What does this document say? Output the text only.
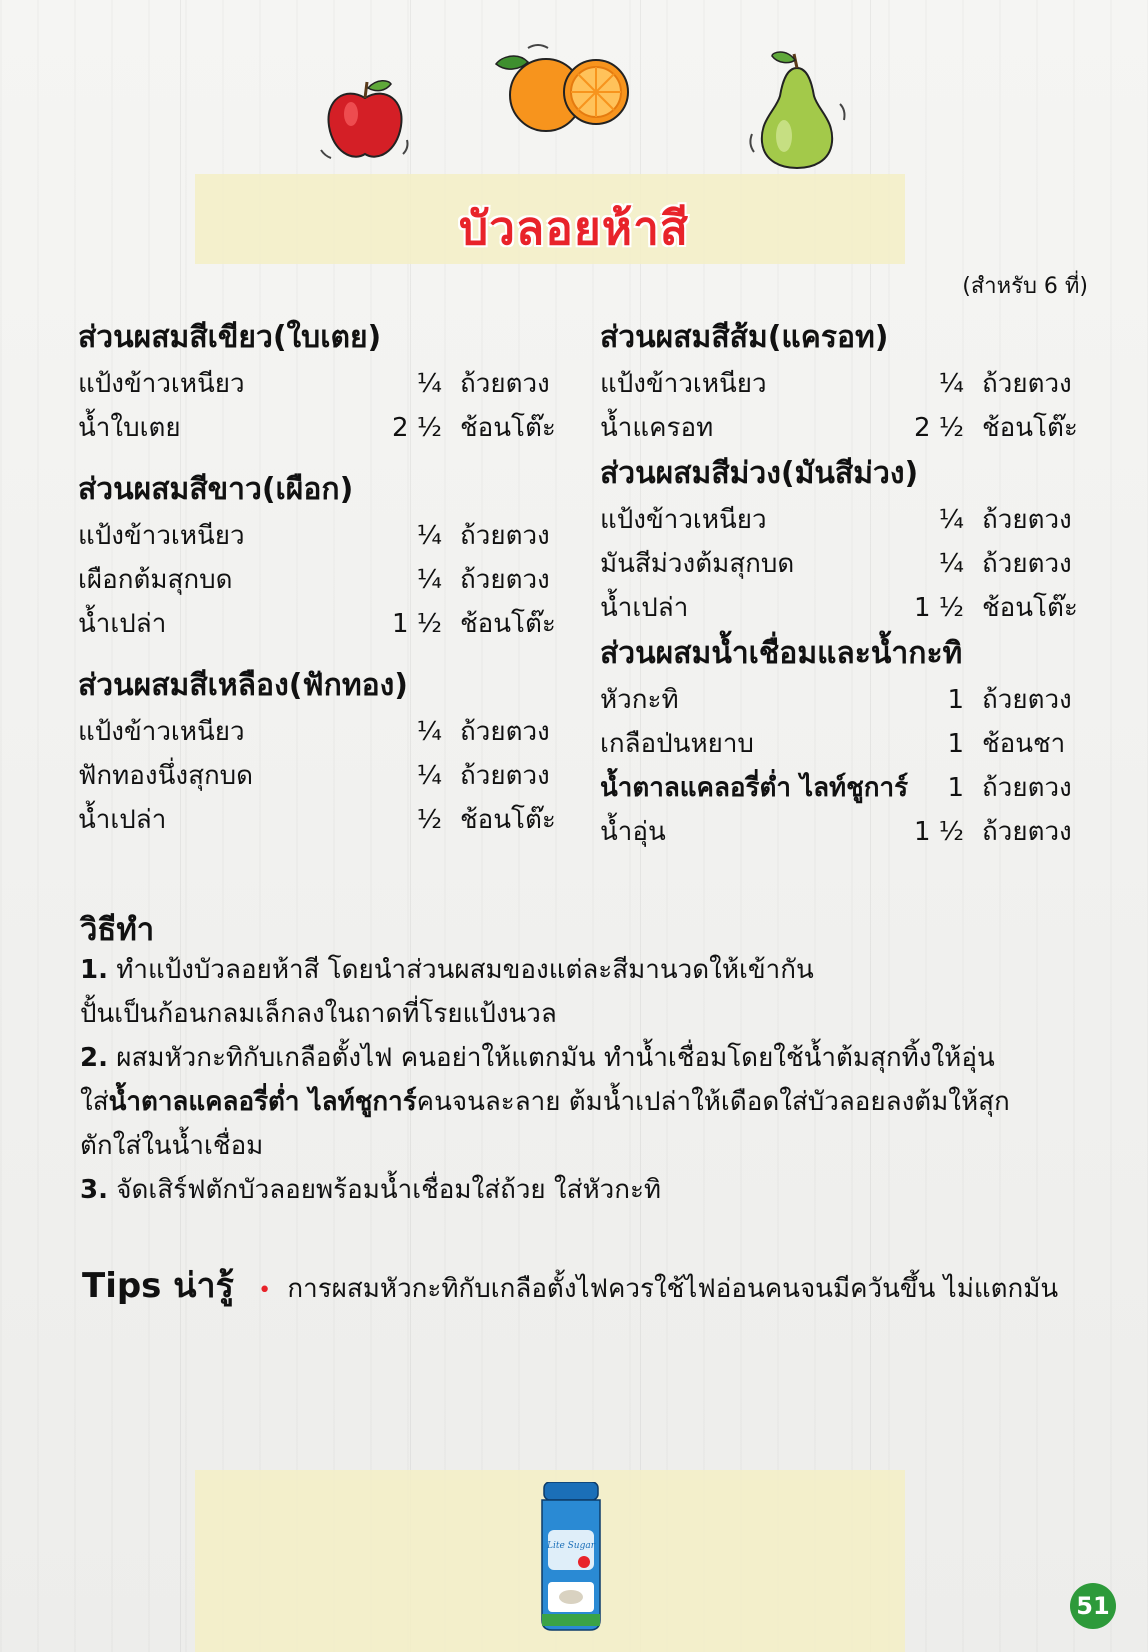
บัวลอยห้าสี
(สำหรับ 6 ที่)
ส่วนผสมสีเขียว(ใบเตย)
แป้งข้าวเหนียว	¼ ถ้วยตวง
น้ำใบเตย	2 ½ ช้อนโต๊ะ
ส่วนผสมสีขาว(เผือก)
แป้งข้าวเหนียว	¼ ถ้วยตวง
เผือกต้มสุกบด	¼ ถ้วยตวง
น้ำเปล่า	1 ½ ช้อนโต๊ะ
ส่วนผสมสีเหลือง(ฟักทอง)
แป้งข้าวเหนียว	¼ ถ้วยตวง
ฟักทองนึ่งสุกบด	¼ ถ้วยตวง
น้ำเปล่า	½ ช้อนโต๊ะ
ส่วนผสมสีส้ม(แครอท)
แป้งข้าวเหนียว	¼ ถ้วยตวง
น้ำแครอท	2 ½ ช้อนโต๊ะ
ส่วนผสมสีม่วง(มันสีม่วง)
แป้งข้าวเหนียว	¼ ถ้วยตวง
มันสีม่วงต้มสุกบด	¼ ถ้วยตวง
น้ำเปล่า	1 ½ ช้อนโต๊ะ
ส่วนผสมน้ำเชื่อมและน้ำกะทิ
หัวกะทิ	1 ถ้วยตวง
เกลือป่นหยาบ	1 ช้อนชา
น้ำตาลแคลอรี่ต่ำ ไลท์ชูการ์ 1 ถ้วยตวง
น้ำอุ่น	1 ½ ถ้วยตวง
วิธีทำ
1. ทำแป้งบัวลอยห้าสี โดยนำส่วนผสมของแต่ละสีมานวดให้เข้ากัน
ปั้นเป็นก้อนกลมเล็กลงในถาดที่โรยแป้งนวล
2. ผสมหัวกะทิกับเกลือตั้งไฟ คนอย่าให้แตกมัน ทำน้ำเชื่อมโดยใช้น้ำต้มสุกทิ้งให้อุ่น
ใส่น้ำตาลแคลอรี่ต่ำ ไลท์ชูการ์คนจนละลาย ต้มน้ำเปล่าให้เดือดใส่บัวลอยลงต้มให้สุก
ตักใส่ในน้ำเชื่อม
3. จัดเสิร์ฟตักบัวลอยพร้อมน้ำเชื่อมใส่ถ้วย ใส่หัวกะทิ
Tips น่ารู้ • การผสมหัวกะทิกับเกลือตั้งไฟควรใช้ไฟอ่อนคนจนมีควันขึ้น ไม่แตกมัน
Lite Sugar
51
